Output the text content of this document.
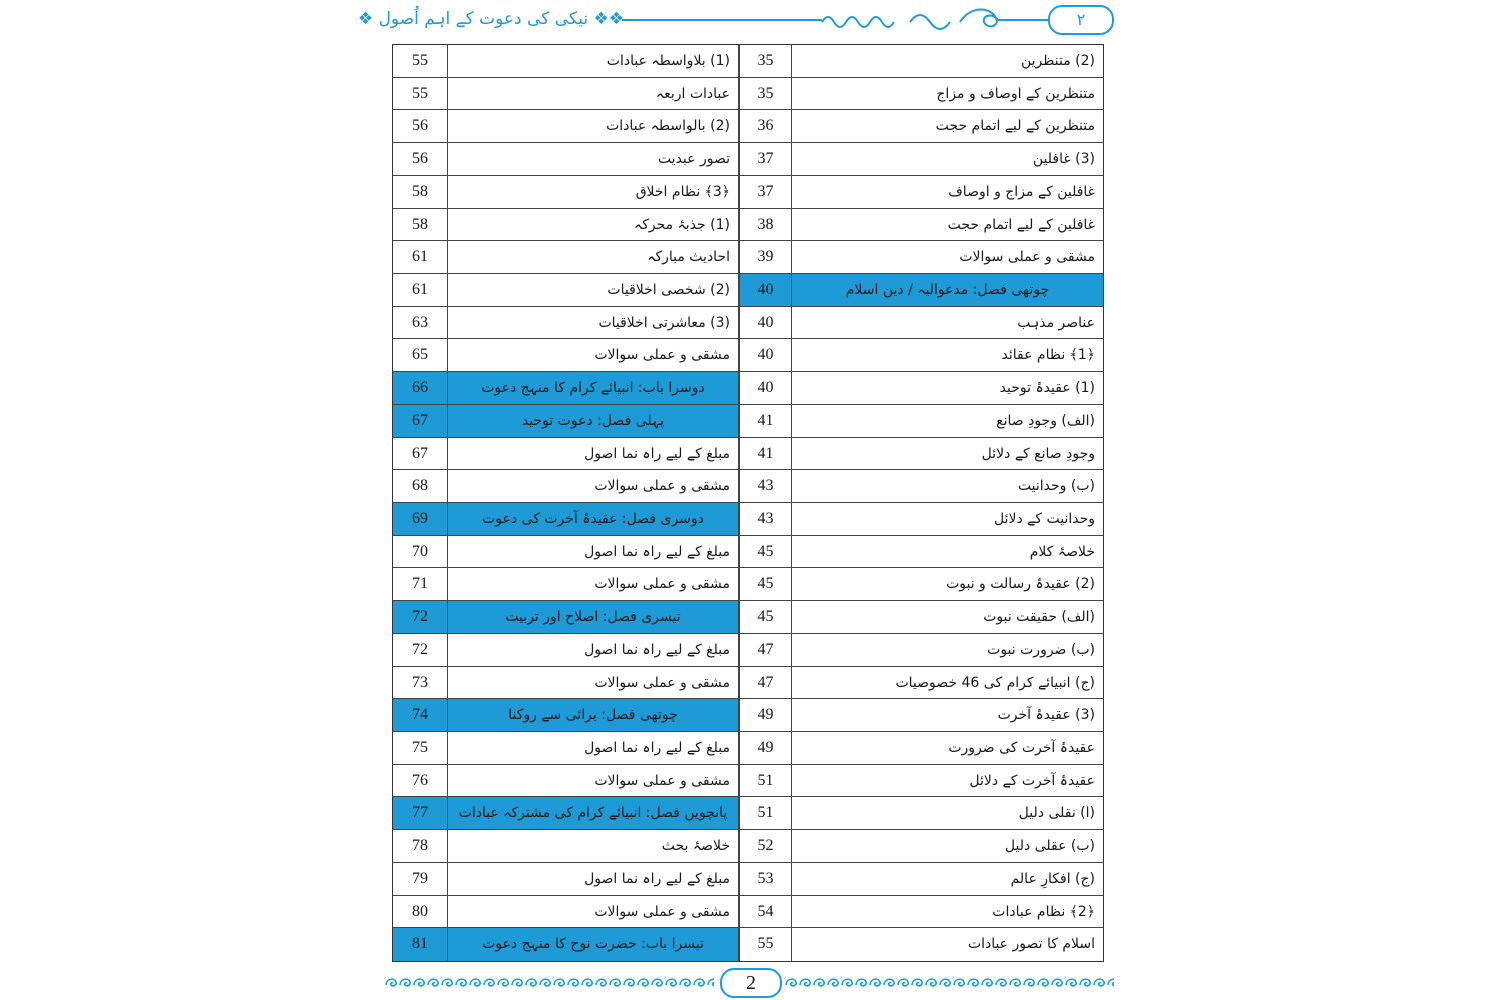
❖❖ نیکی کی دعوت کے اہم اُصول ❖	۲
55	(1) بلاواسطہ عبادات
55	عبادات اربعہ
56	(2) بالواسطہ عبادات
56	تصور عبدیت
58	﴿3﴾ نظام اخلاق
58	(1) جذبۂ محرکہ
61	احادیث مبارکہ
61	(2) شخصی اخلاقیات
63	(3) معاشرتی اخلاقیات
65	مشقی و عملی سوالات
66	دوسرا باب: انبیائے کرام کا منہج دعوت
67	پہلی فصل: دعوت توحید
67	مبلغ کے لیے راہ نما اصول
68	مشقی و عملی سوالات
69	دوسری فصل: عقیدۂ آخرت کی دعوت
70	مبلغ کے لیے راہ نما اصول
71	مشقی و عملی سوالات
72	تیسری فصل: اصلاح اور تربیت
72	مبلغ کے لیے راہ نما اصول
73	مشقی و عملی سوالات
74	چوتھی فصل: برائی سے روکنا
75	مبلغ کے لیے راہ نما اصول
76	مشقی و عملی سوالات
77	پانچویں فصل: انبیائے کرام کی مشترکہ عبادات
78	خلاصۂ بحث
79	مبلغ کے لیے راہ نما اصول
80	مشقی و عملی سوالات
81	تیسرا باب: حضرت نوح کا منہج دعوت
35	(2) متنظرین
35	متنظرین کے اوصاف و مزاج
36	متنظرین کے لیے اتمام حجت
37	(3) غافلین
37	غافلین کے مزاج و اوصاف
38	غافلین کے لیے اتمام حجت
39	مشقی و عملی سوالات
40	چوتھی فصل: مدعوالیہ / دین اسلام
40	عناصر مذہب
40	﴿1﴾ نظام عقائد
40	(1) عقیدۂ توحید
41	(الف) وجودِ صانع
41	وجودِ صانع کے دلائل
43	(ب) وحدانیت
43	وحدانیت کے دلائل
45	خلاصۂ کلام
45	(2) عقیدۂ رسالت و نبوت
45	(الف) حقیقت نبوت
47	(ب) ضرورت نبوت
47	(ج) انبیائے کرام کی 46 خصوصیات
49	(3) عقیدۂ آخرت
49	عقیدۂ آخرت کی ضرورت
51	عقیدۂ آخرت کے دلائل
51	(ا) نقلی دلیل
52	(ب) عقلی دلیل
53	(ج) افکارِ عالم
54	﴿2﴾ نظام عبادات
55	اسلام کا تصور عبادات
2
